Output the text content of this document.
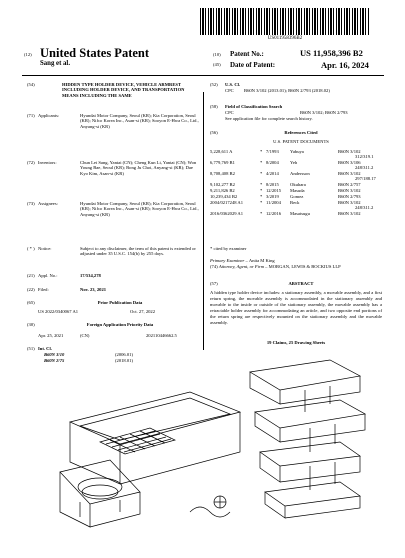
US011958396B2
(12) United States Patent
Sang et al.
(10) Patent No.:	US 11,958,396 B2
(45) Date of Patent:	Apr. 16, 2024
(54)	HIDDEN TYPE HOLDER DEVICE, VEHICLE ARMREST INCLUDING HOLDER DEVICE, AND TRANSPORTATION MEANS INCLUDING THE SAME
(71) Applicants:	Hyundai Motor Company, Seoul (KR); Kia Corporation, Seoul (KR); Nifco Korea Inc., Asan-si (KR); Sooyon E-Hwa Co., Ltd., Anyang-si (KR)
(72) Inventors:	Chun Lei Sang, Yantai (CN); Cheng Kun Li, Yantai (CN); Won Young Bae, Seoul (KR); Bong Ju Choi, Anyang-si (KR); Dae Kyo Kim, Asan-si (KR)
(73) Assignees:	Hyundai Motor Company, Seoul (KR); Kia Corporation, Seoul (KR); Nifco Korea Inc., Asan-si (KR); Sooyon E-Hwa Co., Ltd., Anyang-si (KR)
( * ) Notice:	Subject to any disclaimer, the term of this patent is extended or adjusted under 35 U.S.C. 154(b) by 255 days.
(21) Appl. No.:	17/534,278
(22) Filed:	Nov. 23, 2021
(65)	Prior Publication Data
US 2022/0340067 A1	Oct. 27, 2022
(30)	Foreign Application Priority Data
Apr. 25, 2021	(CN)	202110446662.5
(51) Int. Cl.
B60N 3/10	(2006.01)
B60N 2/75	(2018.01)
(52) U.S. Cl.
CPC B60N 3/102 (2013.01); B60N 2/793 (2018.02)
(58) Field of Classification Search
CPC	B60N 3/102; B60N 2/793
See application file for complete search history.
(56)	References Cited
U.S. PATENT DOCUMENTS
5,228,611 A	* 7/1993 Yabuya	B60N 3/102
312/319.1
6,779,769 B1	* 8/2004 Yeh	B60N 3/106
248/311.2
8,708,408 B2	* 4/2014 Andersson	B60N 3/102
297/188.17
9,102,277 B2	* 8/2015 Okuhara	B60N 2/757
9,211,826 B2	* 12/2015 Masuda	B60N 3/102
10,239,434 B2	* 3/2019 Gomez	B60N 2/793
2004/0217248 A1	* 11/2004 Beck	B60N 3/102
248/311.2
2016/0362029 A1	* 12/2016 Masatsugu	B60N 3/102
* cited by examiner
Primary Examiner – Anita M King
(74) Attorney, Agent, or Firm – MORGAN, LEWIS & BOCKIUS LLP
(57)	ABSTRACT
A hidden type holder device includes: a stationary assembly, a movable assembly, and a first return spring, the movable assembly is accommodated in the stationary assembly and movable to the inside or outside of the stationary assembly, the movable assembly has a retractable holder assembly for accommodating an article, and two opposite end portions of the return spring are respectively mounted on the stationary assembly and the movable assembly.
19 Claims, 25 Drawing Sheets
